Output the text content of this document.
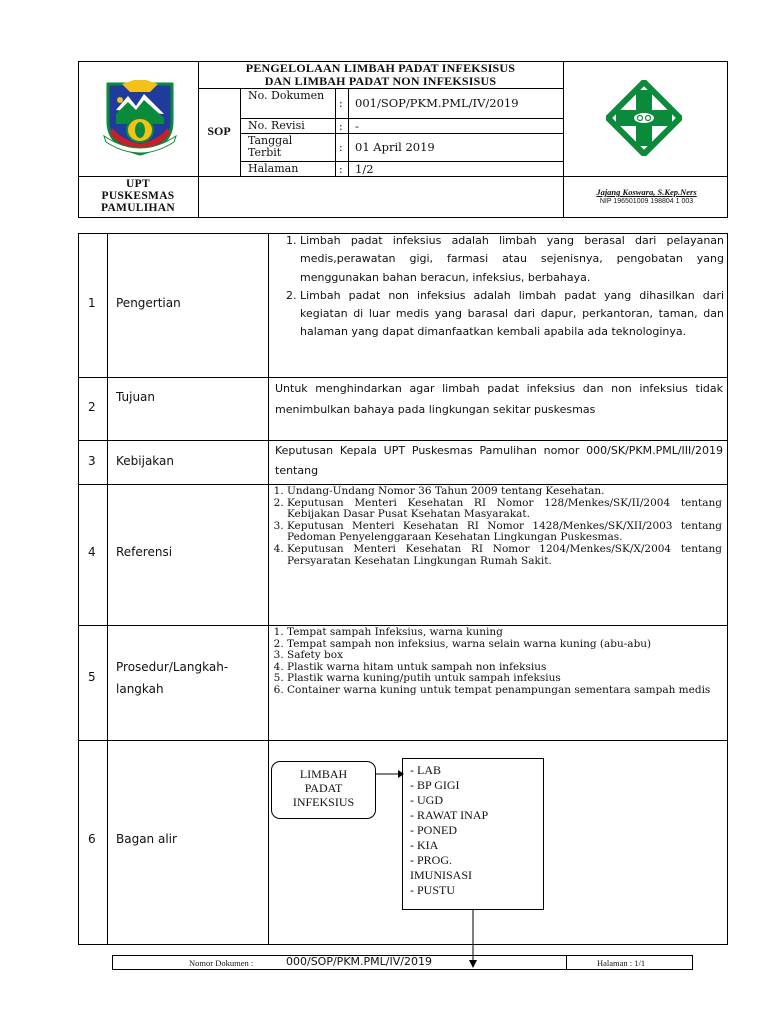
PENGELOLAAN LIMBAH PADAT INFEKSISUS
DAN LIMBAH PADAT NON INFEKSISUS
SOP
No. Dokumen
: 001/SOP/PKM.PML/IV/2019
No. Revisi	: -
Tanggal Terbit	: 01 April 2019
Halaman	: 1/2
UPT
PUSKESMAS
PAMULIHAN
Jajang Koswara, S.Kep.Ners
NIP 196501009 198804 1 003
1 Pengertian
1. Limbah padat infeksius adalah limbah yang berasal dari pelayanan medis,perawatan gigi, farmasi atau sejenisnya, pengobatan yang menggunakan bahan beracun, infeksius, berbahaya.
2. Limbah padat non infeksius adalah limbah padat yang dihasilkan dari kegiatan di luar medis yang barasal dari dapur, perkantoran, taman, dan halaman yang dapat dimanfaatkan kembali apabila ada teknologinya.
2
Tujuan
Untuk menghindarkan agar limbah padat infeksius dan non infeksius tidak menimbulkan bahaya pada lingkungan sekitar puskesmas
3 Kebijakan
Keputusan Kepala UPT Puskesmas Pamulihan nomor 000/SK/PKM.PML/III/2019 tentang
4 Referensi
1. Undang-Undang Nomor 36 Tahun 2009 tentang Kesehatan.
2. Keputusan Menteri Kesehatan RI Nomor 128/Menkes/SK/II/2004 tentang Kebijakan Dasar Pusat Ksehatan Masyarakat.
3. Keputusan Menteri Kesehatan RI Nomor 1428/Menkes/SK/XII/2003 tentang Pedoman Penyelenggaraan Kesehatan Lingkungan Puskesmas.
4. Keputusan Menteri Kesehatan RI Nomor 1204/Menkes/SK/X/2004 tentang Persyaratan Kesehatan Lingkungan Rumah Sakit.
5
Prosedur/Langkah-
langkah
1. Tempat sampah Infeksius, warna kuning
2. Tempat sampah non infeksius, warna selain warna kuning (abu-abu)
3. Safety box
4. Plastik warna hitam untuk sampah non infeksius
5. Plastik warna kuning/putih untuk sampah infeksius
6. Container warna kuning untuk tempat penampungan sementara sampah medis
6 Bagan alir
LIMBAH
PADAT
INFEKSIUS
- LAB
- BP GIGI
- UGD
- RAWAT INAP
- PONED
- KIA
- PROG.
IMUNISASI
- PUSTU
Nomor Dokumen :	000/SOP/PKM.PML/IV/2019	Halaman : 1/1
